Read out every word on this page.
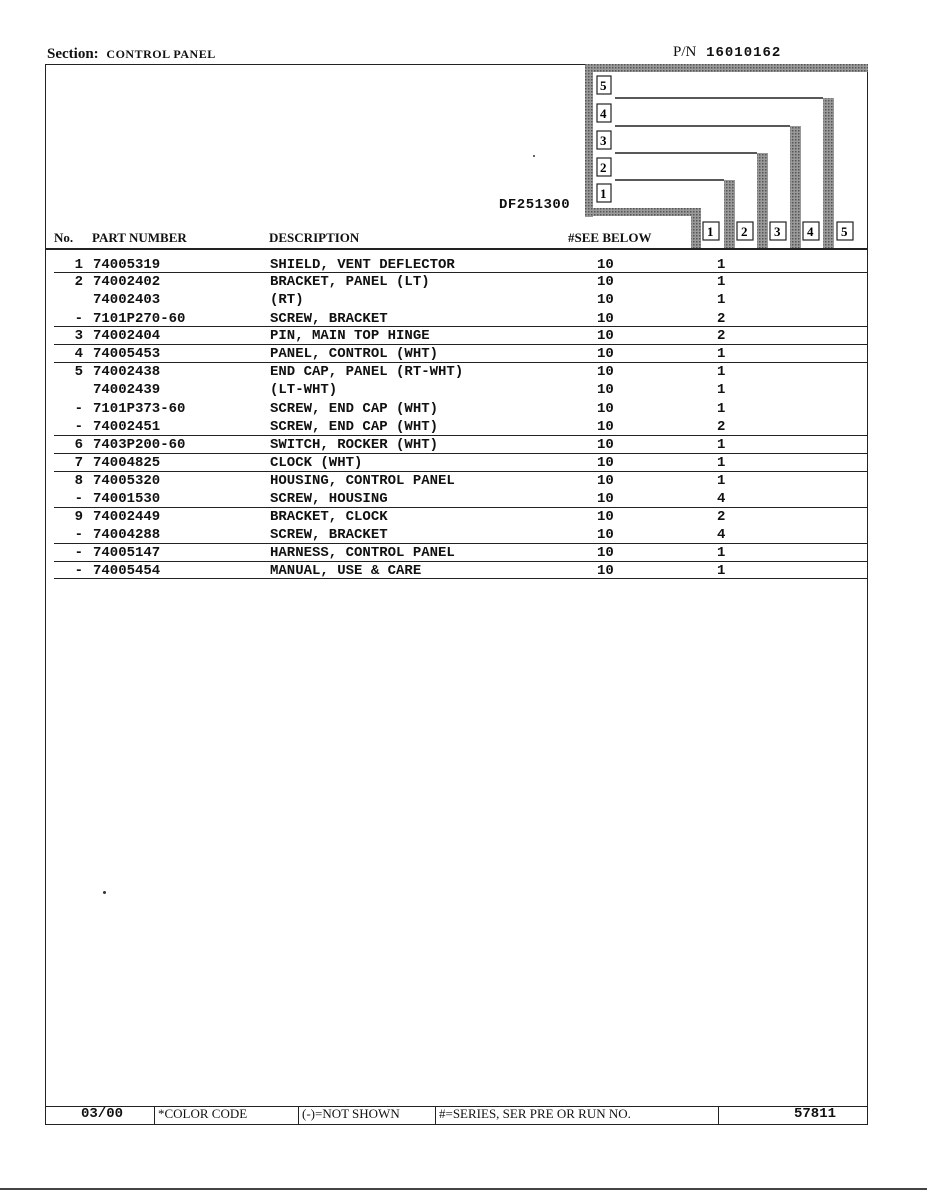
Section: CONTROL PANEL	P/N 16010162
5
4
3
2
1
1 2 3 4 5
DF251300
No. PART NUMBER	DESCRIPTION	#SEE BELOW
1 74005319	SHIELD, VENT DEFLECTOR	10	1
2 74002402	BRACKET, PANEL (LT)	10	1
74002403	(RT)	10	1
- 7101P270-60	SCREW, BRACKET	10	2
3 74002404	PIN, MAIN TOP HINGE	10	2
4 74005453	PANEL, CONTROL (WHT)	10	1
5 74002438	END CAP, PANEL (RT-WHT)	10	1
74002439	(LT-WHT)	10	1
- 7101P373-60	SCREW, END CAP (WHT)	10	1
- 74002451	SCREW, END CAP (WHT)	10	2
6 7403P200-60	SWITCH, ROCKER (WHT)	10	1
7 74004825	CLOCK (WHT)	10	1
8 74005320	HOUSING, CONTROL PANEL	10	1
- 74001530	SCREW, HOUSING	10	4
9 74002449	BRACKET, CLOCK	10	2
- 74004288	SCREW, BRACKET	10	4
- 74005147	HARNESS, CONTROL PANEL	10	1
- 74005454	MANUAL, USE & CARE	10	1
03/00	*COLOR CODE	(-)=NOT SHOWN	#=SERIES, SER PRE OR RUN NO.	57811
